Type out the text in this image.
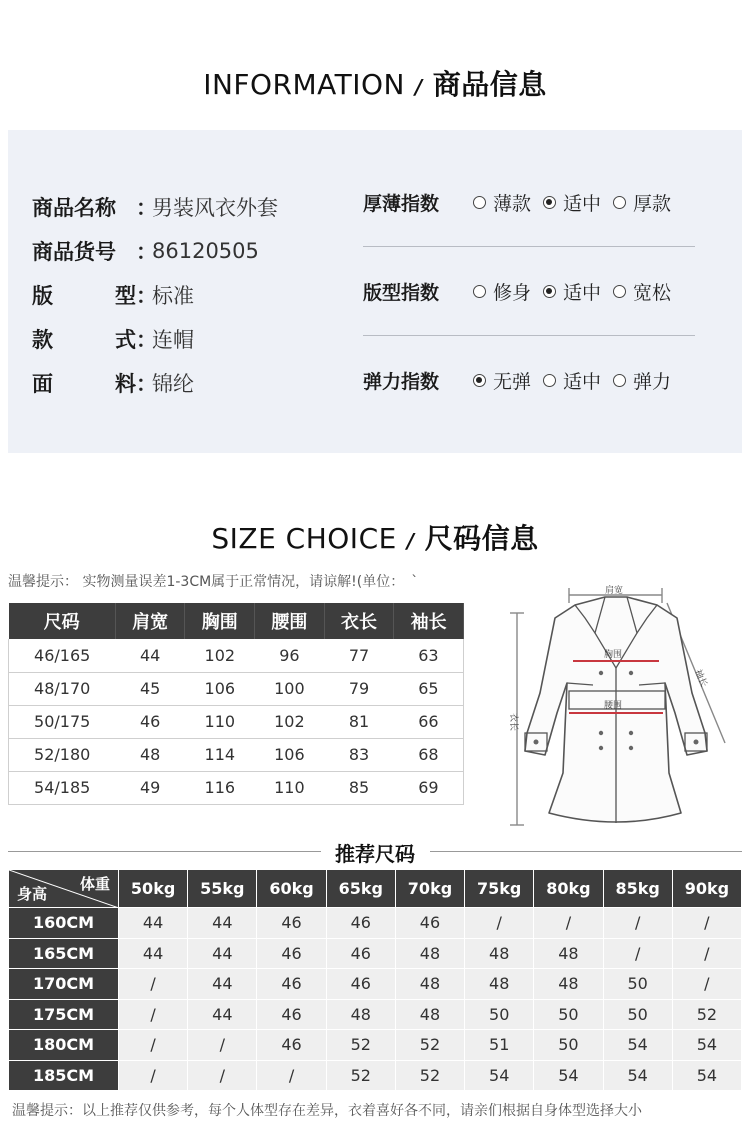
INFORMATION / 商品信息
商品名称 ：
男装风衣外套
商品货号 ：
86120505
版	型 ：
标准
款	式 ：
连帽
面	料 ：
锦纶
厚薄指数	薄款 适中 厚款
版型指数	修身 适中 宽松
弹力指数	无弹 适中 弹力
SIZE CHOICE / 尺码信息
温馨提示： 实物测量误差1-3CM属于正常情况，请谅解!(单位：　`
尺码	肩宽	胸围	腰围	衣长	袖长
46/165	44	102	96	77	63
48/170	45	106	100	79	65
50/175	46	110	102	81	66
52/180	48	114	106	83	68
54/185	49	116	110	85	69
肩宽
胸围
腰围
衣长
袖长
推荐尺码
体重
身高	50kg	55kg	60kg	65kg	70kg	75kg	80kg	85kg	90kg
160CM	44	44	46	46	46	/	/	/	/
165CM	44	44	46	46	48	48	48	/	/
170CM	/	44	46	46	48	48	48	50	/
175CM	/	44	46	48	48	50	50	50	52
180CM	/	/	46	52	52	51	50	54	54
185CM	/	/	/	52	52	54	54	54	54
温馨提示：以上推荐仅供参考，每个人体型存在差异，衣着喜好各不同，请亲们根据自身体型选择大小
